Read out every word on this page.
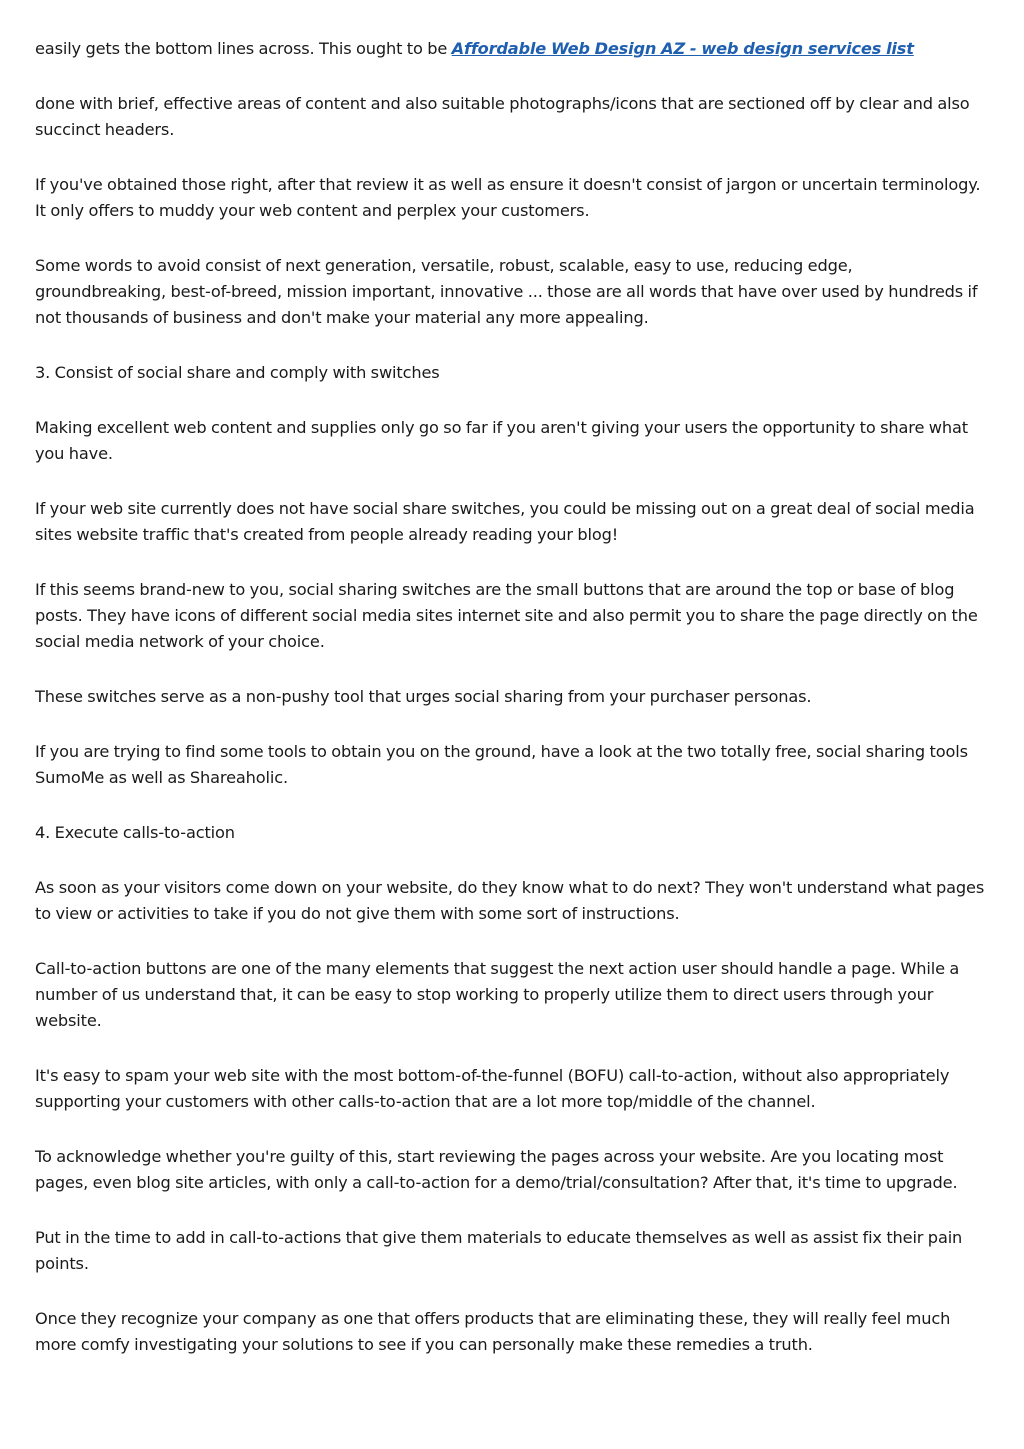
easily gets the bottom lines across. This ought to be Affordable Web Design AZ - web design services list

done with brief, effective areas of content and also suitable photographs/icons that are sectioned off by clear and also succinct headers.

If you've obtained those right, after that review it as well as ensure it doesn't consist of jargon or uncertain terminology. It only offers to muddy your web content and perplex your customers.

Some words to avoid consist of next generation, versatile, robust, scalable, easy to use, reducing edge, groundbreaking, best-of-breed, mission important, innovative ... those are all words that have over used by hundreds if not thousands of business and don't make your material any more appealing.

3. Consist of social share and comply with switches

Making excellent web content and supplies only go so far if you aren't giving your users the opportunity to share what you have.

If your web site currently does not have social share switches, you could be missing out on a great deal of social media sites website traffic that's created from people already reading your blog!

If this seems brand-new to you, social sharing switches are the small buttons that are around the top or base of blog posts. They have icons of different social media sites internet site and also permit you to share the page directly on the social media network of your choice.

These switches serve as a non-pushy tool that urges social sharing from your purchaser personas.

If you are trying to find some tools to obtain you on the ground, have a look at the two totally free, social sharing tools SumoMe as well as Shareaholic.

4. Execute calls-to-action

As soon as your visitors come down on your website, do they know what to do next? They won't understand what pages to view or activities to take if you do not give them with some sort of instructions.

Call-to-action buttons are one of the many elements that suggest the next action user should handle a page. While a number of us understand that, it can be easy to stop working to properly utilize them to direct users through your website.

It's easy to spam your web site with the most bottom-of-the-funnel (BOFU) call-to-action, without also appropriately supporting your customers with other calls-to-action that are a lot more top/middle of the channel.

To acknowledge whether you're guilty of this, start reviewing the pages across your website. Are you locating most pages, even blog site articles, with only a call-to-action for a demo/trial/consultation? After that, it's time to upgrade.

Put in the time to add in call-to-actions that give them materials to educate themselves as well as assist fix their pain points.

Once they recognize your company as one that offers products that are eliminating these, they will really feel much more comfy investigating your solutions to see if you can personally make these remedies a truth.
